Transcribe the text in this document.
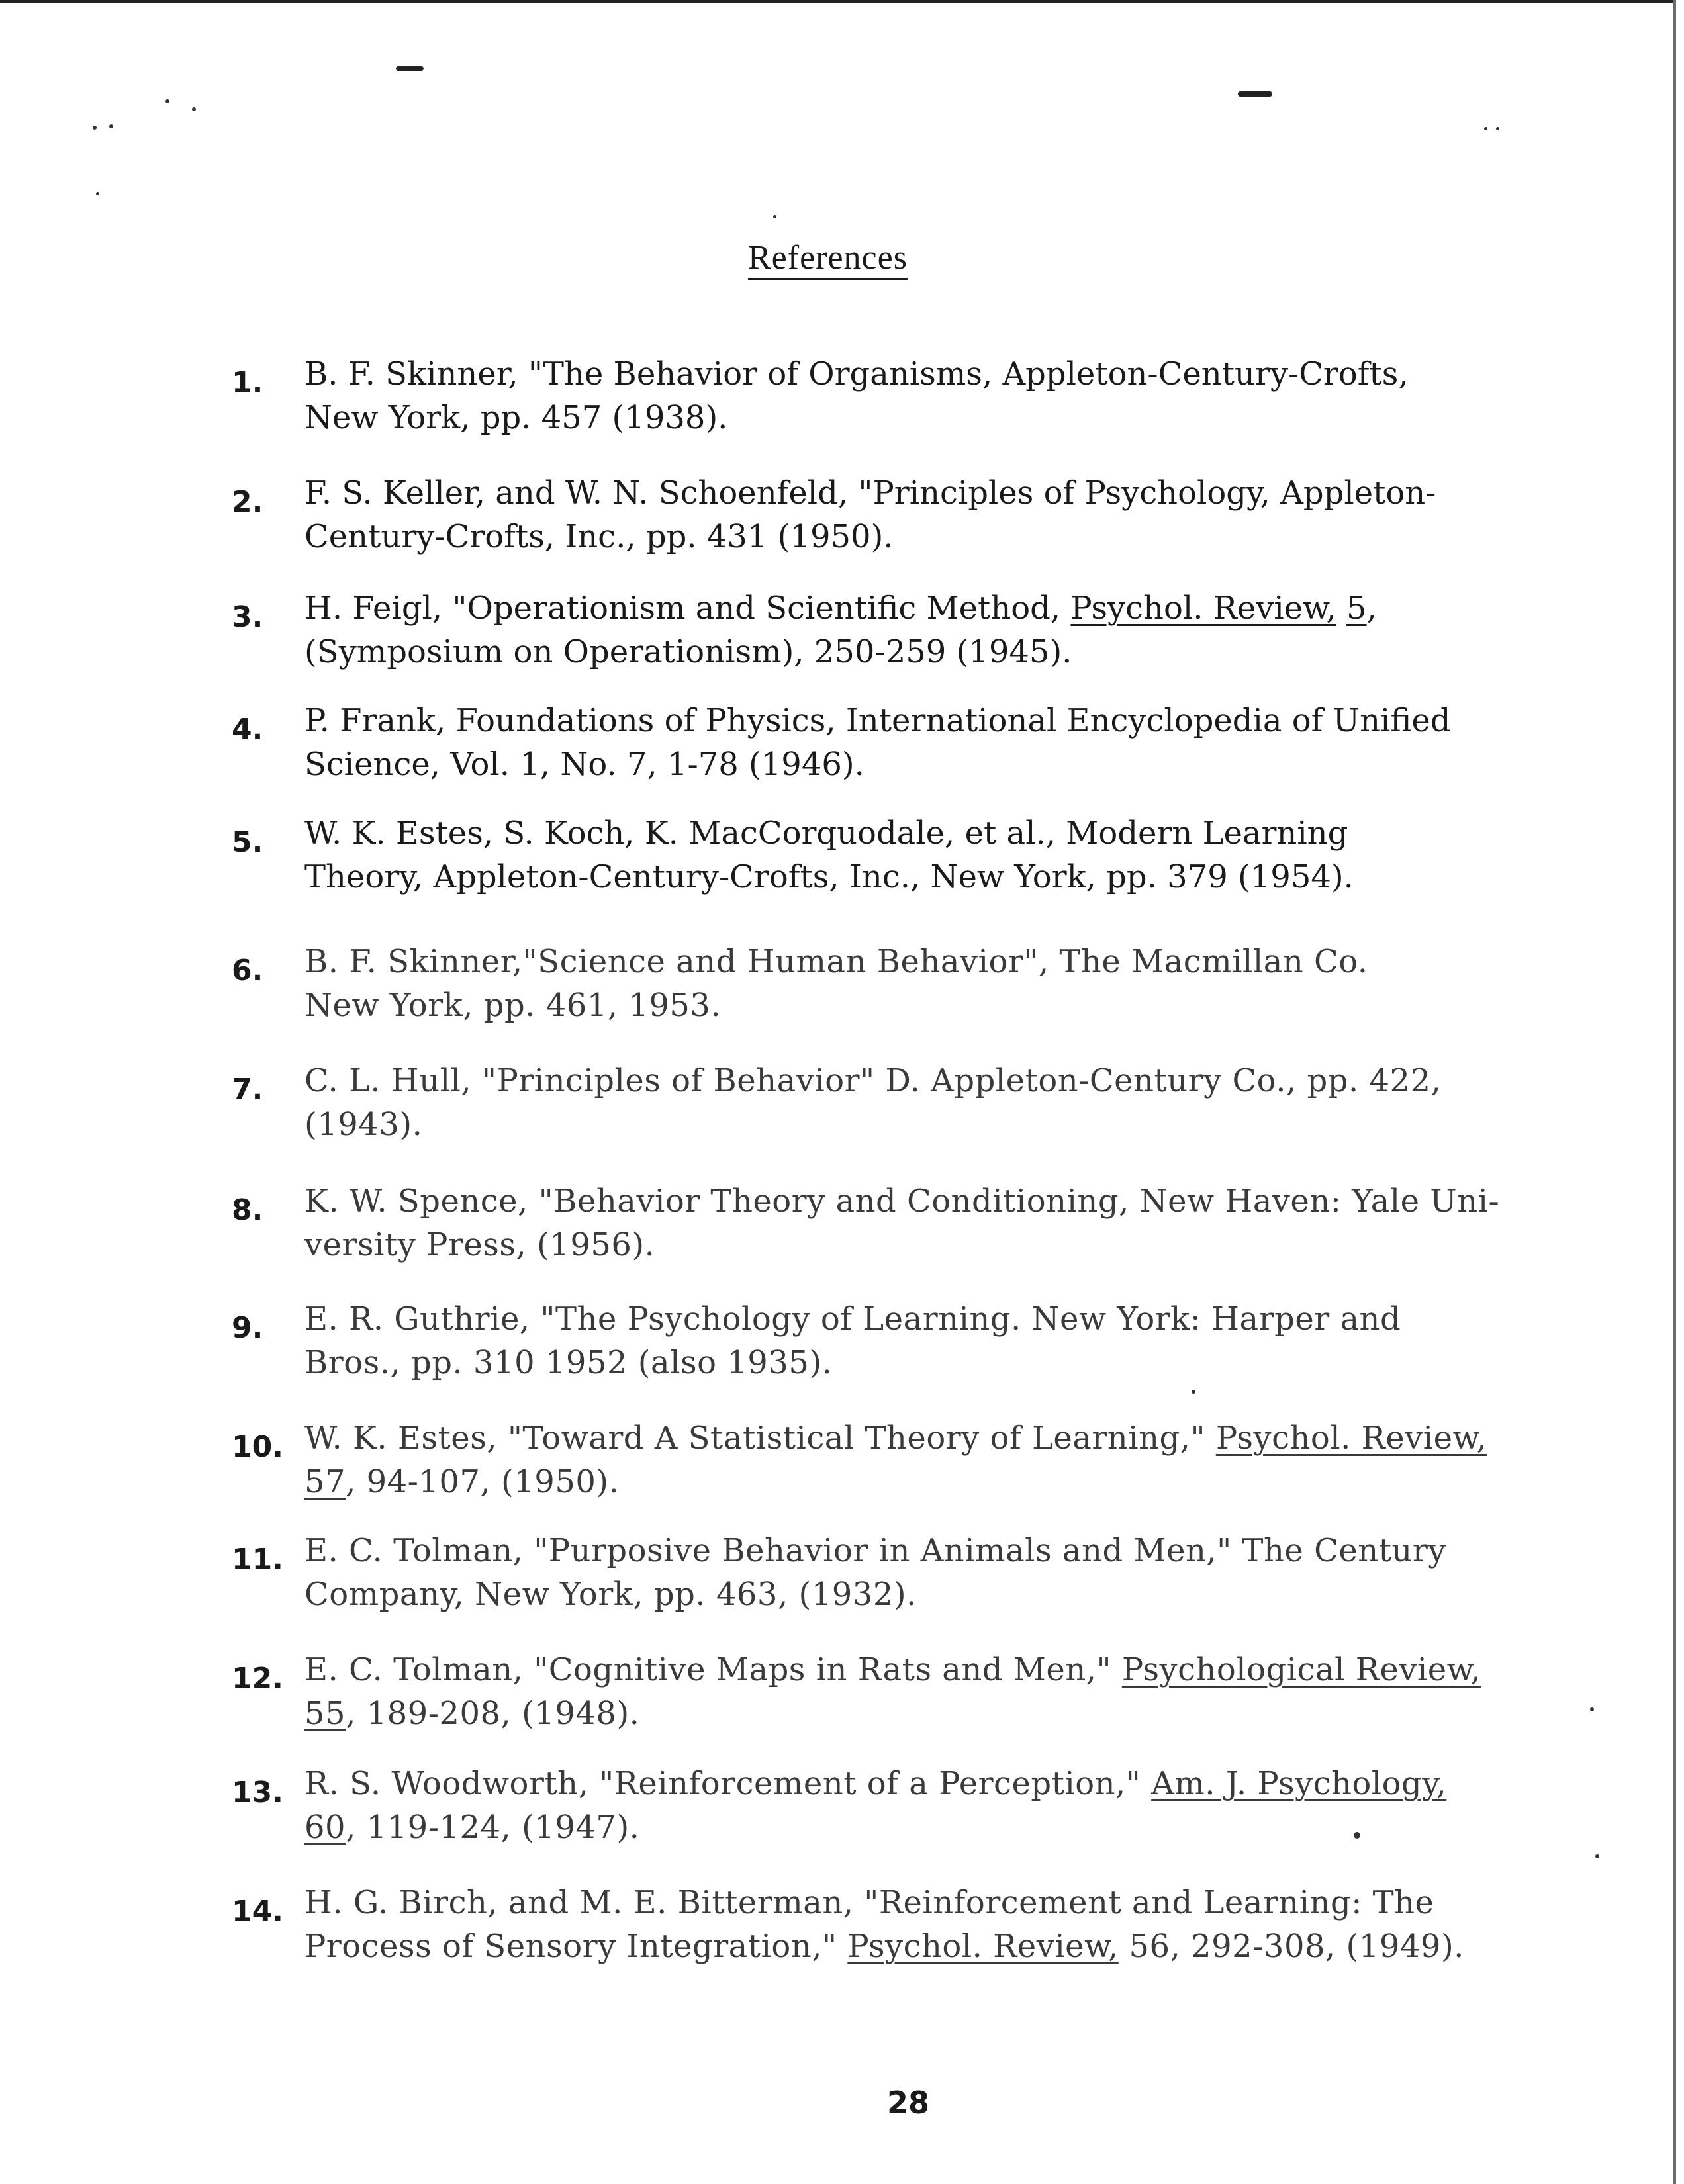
References
1.	B. F. Skinner, "The Behavior of Organisms, Appleton-Century-Crofts,
New York, pp. 457 (1938).
2.	F. S. Keller, and W. N. Schoenfeld, "Principles of Psychology, Appleton-
Century-Crofts, Inc., pp. 431 (1950).
3.	H. Feigl, "Operationism and Scientific Method, Psychol. Review, 5,
(Symposium on Operationism), 250-259 (1945).
4.	P. Frank, Foundations of Physics, International Encyclopedia of Unified
Science, Vol. 1, No. 7, 1-78 (1946).
5.	W. K. Estes, S. Koch, K. MacCorquodale, et al., Modern Learning
Theory, Appleton-Century-Crofts, Inc., New York, pp. 379 (1954).
6.	B. F. Skinner,"Science and Human Behavior", The Macmillan Co.
New York, pp. 461, 1953.
7.	C. L. Hull, "Principles of Behavior" D. Appleton-Century Co., pp. 422,
(1943).
8.	K. W. Spence, "Behavior Theory and Conditioning, New Haven: Yale Uni-
versity Press, (1956).
9.	E. R. Guthrie, "The Psychology of Learning. New York: Harper and
Bros., pp. 310 1952 (also 1935).
10. W. K. Estes, "Toward A Statistical Theory of Learning," Psychol. Review,
57, 94-107, (1950).
11. E. C. Tolman, "Purposive Behavior in Animals and Men," The Century
Company, New York, pp. 463, (1932).
12. E. C. Tolman, "Cognitive Maps in Rats and Men," Psychological Review,
55, 189-208, (1948).
13. R. S. Woodworth, "Reinforcement of a Perception," Am. J. Psychology,
60, 119-124, (1947).
14. H. G. Birch, and M. E. Bitterman, "Reinforcement and Learning: The
Process of Sensory Integration," Psychol. Review, 56, 292-308, (1949).
28
